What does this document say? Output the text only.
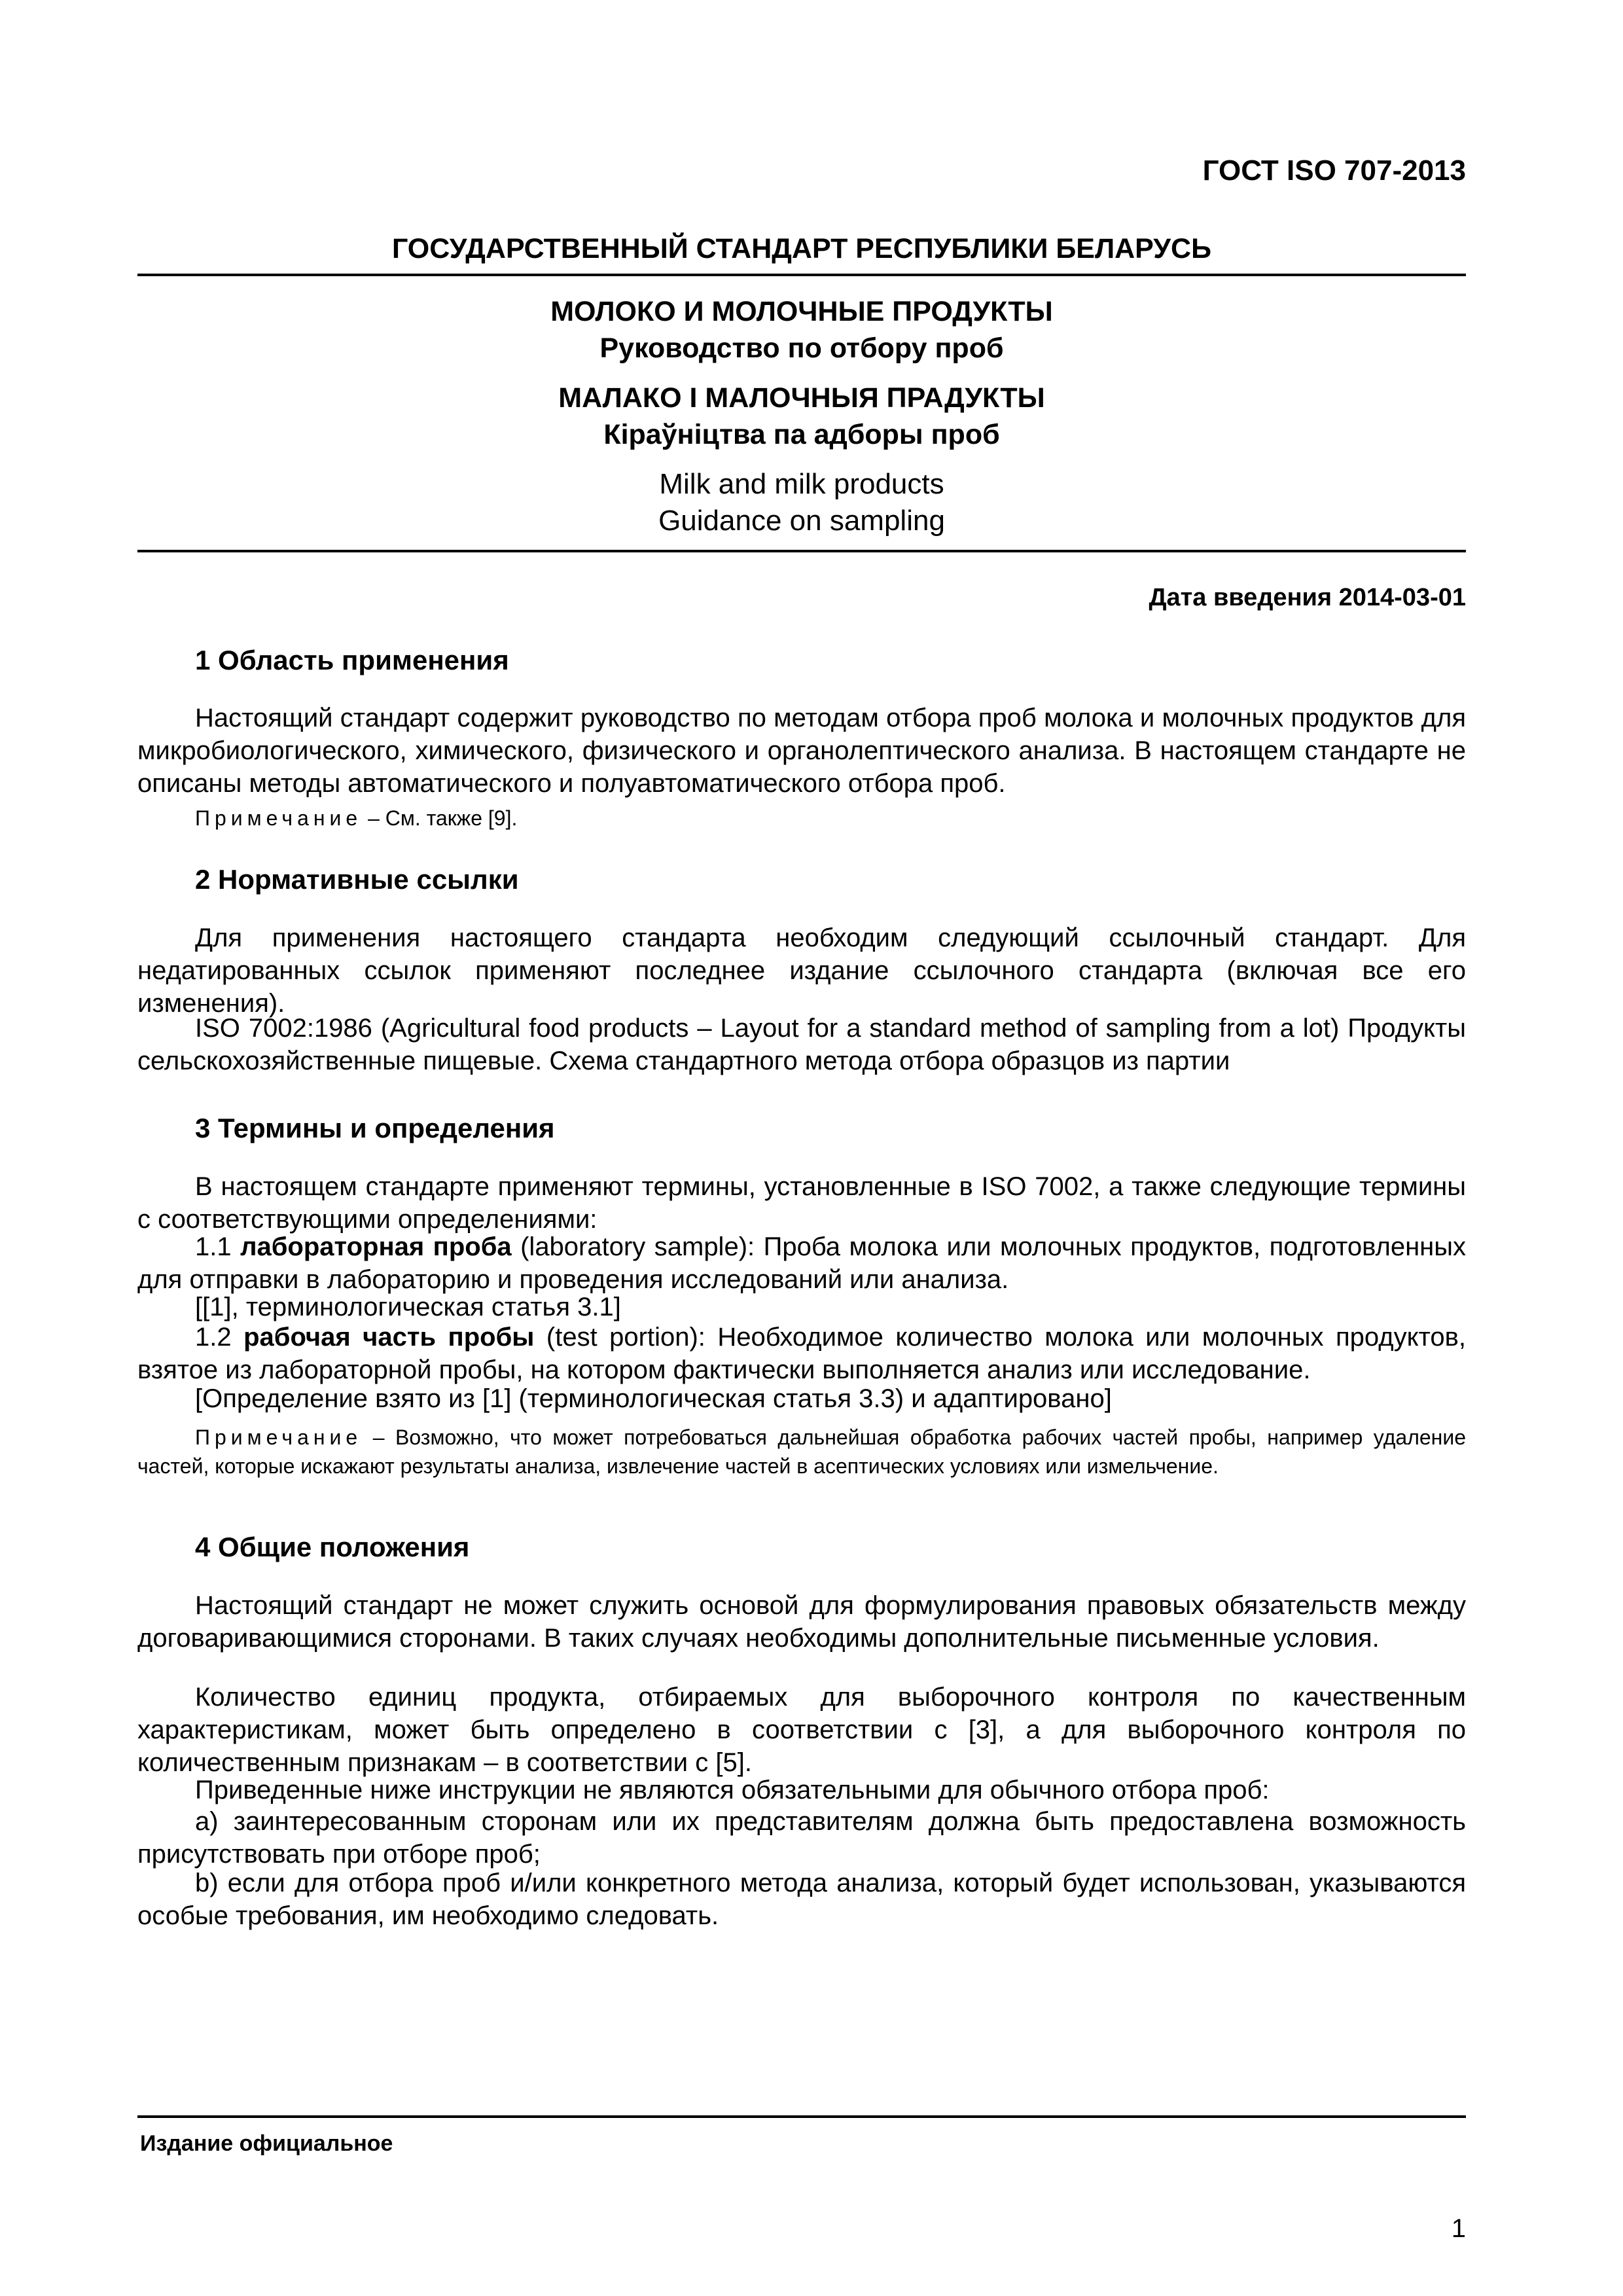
ГОСТ ISO 707-2013
ГОСУДАРСТВЕННЫЙ СТАНДАРТ РЕСПУБЛИКИ БЕЛАРУСЬ
МОЛОКО И МОЛОЧНЫЕ ПРОДУКТЫ
Руководство по отбору проб
МАЛАКО І МАЛОЧНЫЯ ПРАДУКТЫ
Кіраўніцтва па адборы проб
Milk and milk products
Guidance on sampling
Дата введения 2014-03-01
1 Область применения
Настоящий стандарт содержит руководство по методам отбора проб молока и молочных продуктов для микробиологического, химического, физического и органолептического анализа. В настоящем стандарте не описаны методы автоматического и полуавтоматического отбора проб.
Примечание – См. также [9].
2 Нормативные ссылки
Для применения настоящего стандарта необходим следующий ссылочный стандарт. Для недатированных ссылок применяют последнее издание ссылочного стандарта (включая все его изменения).
ISO 7002:1986 (Agricultural food products – Layout for a standard method of sampling from a lot) Продукты сельскохозяйственные пищевые. Схема стандартного метода отбора образцов из партии
3 Термины и определения
В настоящем стандарте применяют термины, установленные в ISO 7002, а также следующие термины с соответствующими определениями:
1.1 лабораторная проба (laboratory sample): Проба молока или молочных продуктов, подготовленных для отправки в лабораторию и проведения исследований или анализа.
[[1], терминологическая статья 3.1]
1.2 рабочая часть пробы (test portion): Необходимое количество молока или молочных продуктов, взятое из лабораторной пробы, на котором фактически выполняется анализ или исследование.
[Определение взято из [1] (терминологическая статья 3.3) и адаптировано]
Примечание – Возможно, что может потребоваться дальнейшая обработка рабочих частей пробы, например удаление частей, которые искажают результаты анализа, извлечение частей в асептических условиях или измельчение.
4 Общие положения
Настоящий стандарт не может служить основой для формулирования правовых обязательств между договаривающимися сторонами. В таких случаях необходимы дополнительные письменные условия.
Количество единиц продукта, отбираемых для выборочного контроля по качественным характеристикам, может быть определено в соответствии с [3], а для выборочного контроля по количественным признакам – в соответствии с [5].
Приведенные ниже инструкции не являются обязательными для обычного отбора проб:
a) заинтересованным сторонам или их представителям должна быть предоставлена возможность присутствовать при отборе проб;
b) если для отбора проб и/или конкретного метода анализа, который будет использован, указываются особые требования, им необходимо следовать.
Издание официальное
1
